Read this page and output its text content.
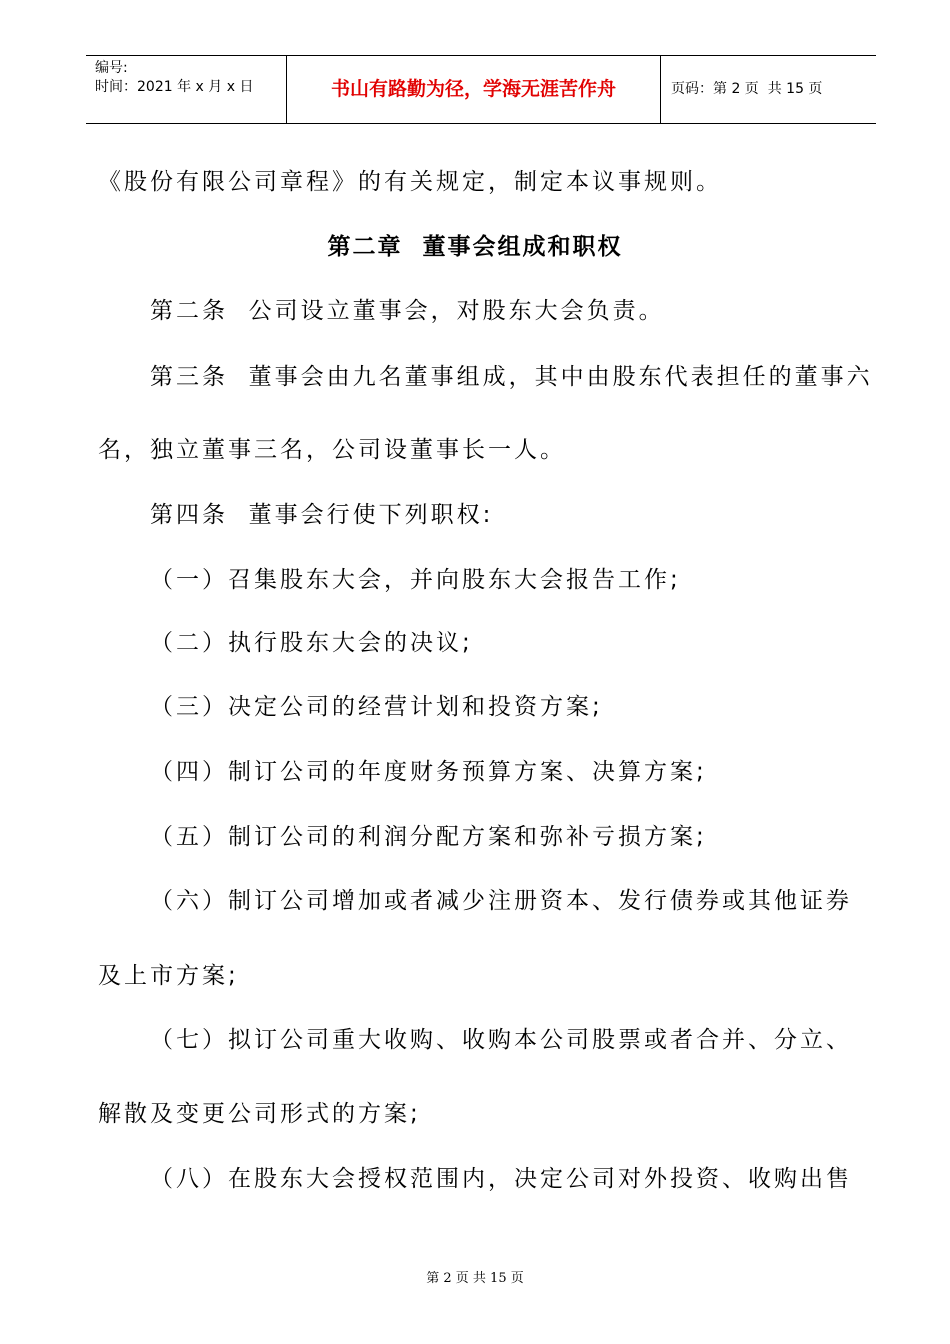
编号:
时间：2021 年 x 月 x 日	书山有路勤为径，学海无涯苦作舟	页码：第 2 页  共 15 页
《股份有限公司章程》的有关规定，制定本议事规则。
第二章  董事会组成和职权
第二条  公司设立董事会，对股东大会负责。
第三条  董事会由九名董事组成，其中由股东代表担任的董事六
名，独立董事三名，公司设董事长一人。
第四条  董事会行使下列职权:
（一）召集股东大会，并向股东大会报告工作;
（二）执行股东大会的决议;
（三）决定公司的经营计划和投资方案;
（四）制订公司的年度财务预算方案、决算方案;
（五）制订公司的利润分配方案和弥补亏损方案;
（六）制订公司增加或者减少注册资本、发行债券或其他证券
及上市方案;
（七）拟订公司重大收购、收购本公司股票或者合并、分立、
解散及变更公司形式的方案;
（八）在股东大会授权范围内，决定公司对外投资、收购出售
第 2 页 共 15 页
